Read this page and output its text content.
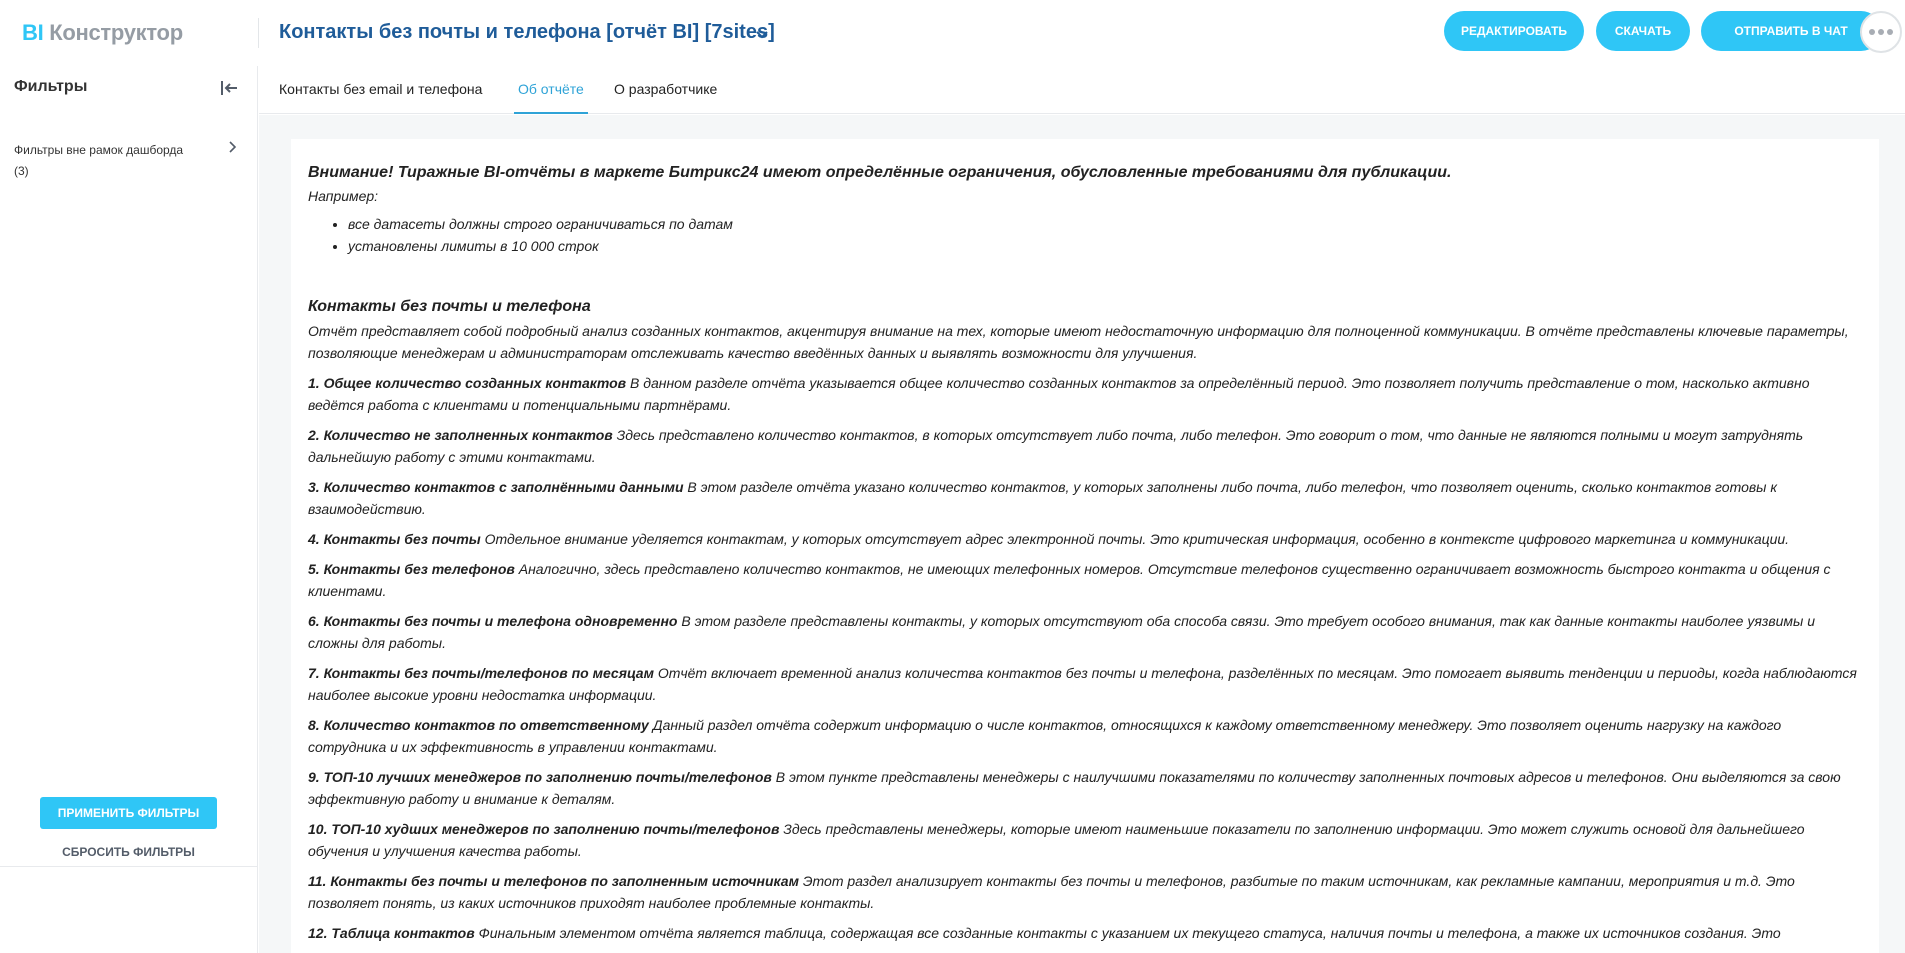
BI Конструктор	Контакты без почты и телефона [отчёт BI] [7sites]	РЕДАКТИРОВАТЬ	СКАЧАТЬ	ОТПРАВИТЬ В ЧАТ
Фильтры
Фильтры вне рамок дашборда
(3)
ПРИМЕНИТЬ ФИЛЬТРЫ
СБРОСИТЬ ФИЛЬТРЫ
Контакты без email и телефона	Об отчёте О разработчике
Внимание! Тиражные BI-отчёты в маркете Битрикс24 имеют определённые ограничения, обусловленные требованиями для публикации.
Например:
• все датасеты должны строго ограничиваться по датам
• установлены лимиты в 10 000 строк
Контакты без почты и телефона
Отчёт представляет собой подробный анализ созданных контактов, акцентируя внимание на тех, которые имеют недостаточную информацию для полноценной коммуникации. В отчёте представлены ключевые параметры, позволяющие менеджерам и администраторам отслеживать качество введённых данных и выявлять возможности для улучшения.
1. Общее количество созданных контактов В данном разделе отчёта указывается общее количество созданных контактов за определённый период. Это позволяет получить представление о том, насколько активно ведётся работа с клиентами и потенциальными партнёрами.
2. Количество не заполненных контактов Здесь представлено количество контактов, в которых отсутствует либо почта, либо телефон. Это говорит о том, что данные не являются полными и могут затруднять дальнейшую работу с этими контактами.
3. Количество контактов с заполнёнными данными В этом разделе отчёта указано количество контактов, у которых заполнены либо почта, либо телефон, что позволяет оценить, сколько контактов готовы к взаимодействию.
4. Контакты без почты Отдельное внимание уделяется контактам, у которых отсутствует адрес электронной почты. Это критическая информация, особенно в контексте цифрового маркетинга и коммуникации.
5. Контакты без телефонов Аналогично, здесь представлено количество контактов, не имеющих телефонных номеров. Отсутствие телефонов существенно ограничивает возможность быстрого контакта и общения с клиентами.
6. Контакты без почты и телефона одновременно В этом разделе представлены контакты, у которых отсутствуют оба способа связи. Это требует особого внимания, так как данные контакты наиболее уязвимы и сложны для работы.
7. Контакты без почты/телефонов по месяцам Отчёт включает временной анализ количества контактов без почты и телефона, разделённых по месяцам. Это помогает выявить тенденции и периоды, когда наблюдаются наиболее высокие уровни недостатка информации.
8. Количество контактов по ответственному Данный раздел отчёта содержит информацию о числе контактов, относящихся к каждому ответственному менеджеру. Это позволяет оценить нагрузку на каждого сотрудника и их эффективность в управлении контактами.
9. ТОП-10 лучших менеджеров по заполнению почты/телефонов В этом пункте представлены менеджеры с наилучшими показателями по количеству заполненных почтовых адресов и телефонов. Они выделяются за свою эффективную работу и внимание к деталям.
10. ТОП-10 худших менеджеров по заполнению почты/телефонов Здесь представлены менеджеры, которые имеют наименьшие показатели по заполнению информации. Это может служить основой для дальнейшего обучения и улучшения качества работы.
11. Контакты без почты и телефонов по заполненным источникам Этот раздел анализирует контакты без почты и телефонов, разбитые по таким источникам, как рекламные кампании, мероприятия и т.д. Это позволяет понять, из каких источников приходят наиболее проблемные контакты.
12. Таблица контактов Финальным элементом отчёта является таблица, содержащая все созданные контакты с указанием их текущего статуса, наличия почты и телефона, а также их источников создания. Это
